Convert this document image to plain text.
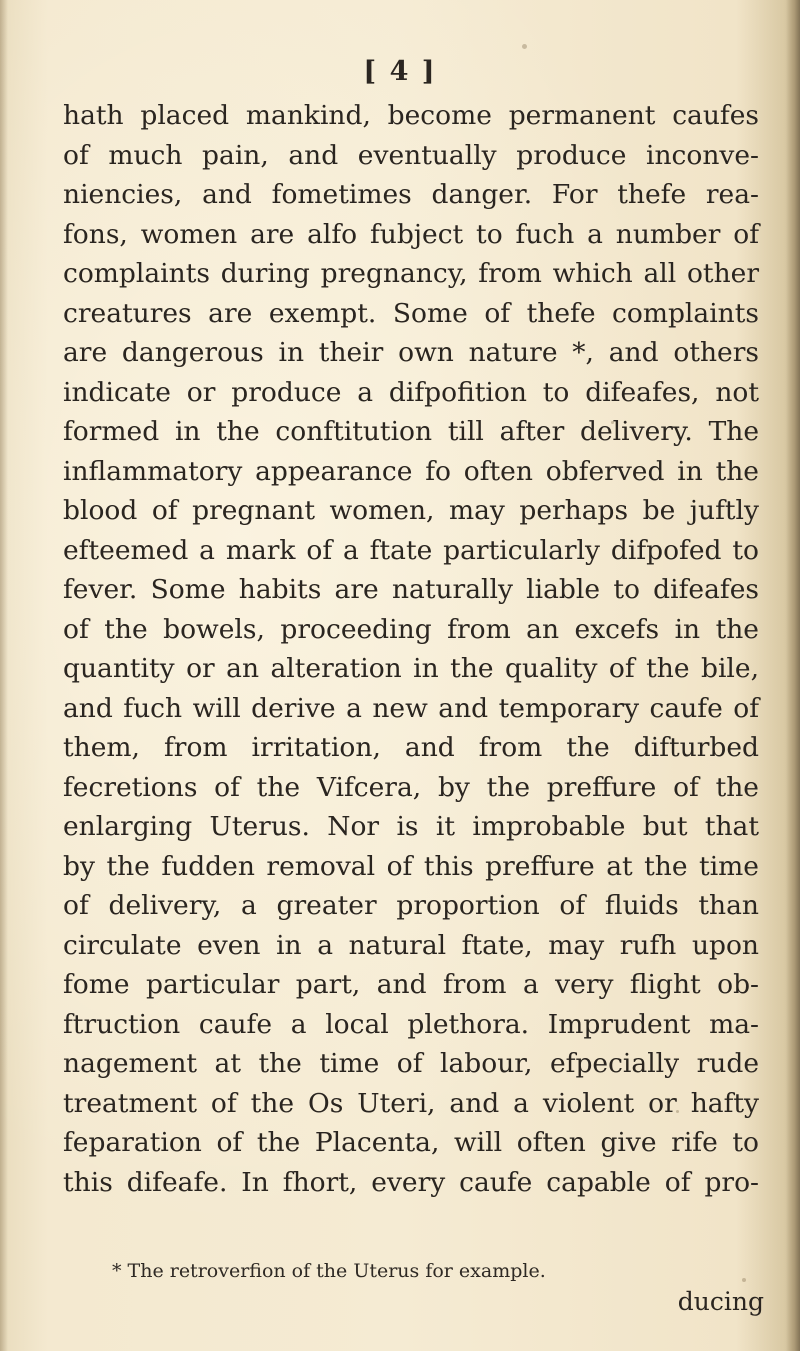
[ 4 ]
hath placed mankind, become permanent caufes
of much pain, and eventually produce inconve-
niencies, and fometimes danger. For thefe rea-
fons, women are alfo fubject to fuch a number of
complaints during pregnancy, from which all other
creatures are exempt. Some of thefe complaints
are dangerous in their own nature *, and others
indicate or produce a difpofition to difeafes, not
formed in the conftitution till after delivery. The
inflammatory appearance fo often obferved in the
blood of pregnant women, may perhaps be juftly
efteemed a mark of a ftate particularly difpofed to
fever. Some habits are naturally liable to difeafes
of the bowels, proceeding from an excefs in the
quantity or an alteration in the quality of the bile,
and fuch will derive a new and temporary caufe of
them, from irritation, and from the difturbed
fecretions of the Vifcera, by the preffure of the
enlarging Uterus. Nor is it improbable but that
by the fudden removal of this preffure at the time
of delivery, a greater proportion of fluids than
circulate even in a natural ftate, may rufh upon
fome particular part, and from a very flight ob-
ftruction caufe a local plethora. Imprudent ma-
nagement at the time of labour, efpecially rude
treatment of the Os Uteri, and a violent or hafty
feparation of the Placenta, will often give rife to
this difeafe. In fhort, every caufe capable of pro-
* The retroverfion of the Uterus for example.
ducing
